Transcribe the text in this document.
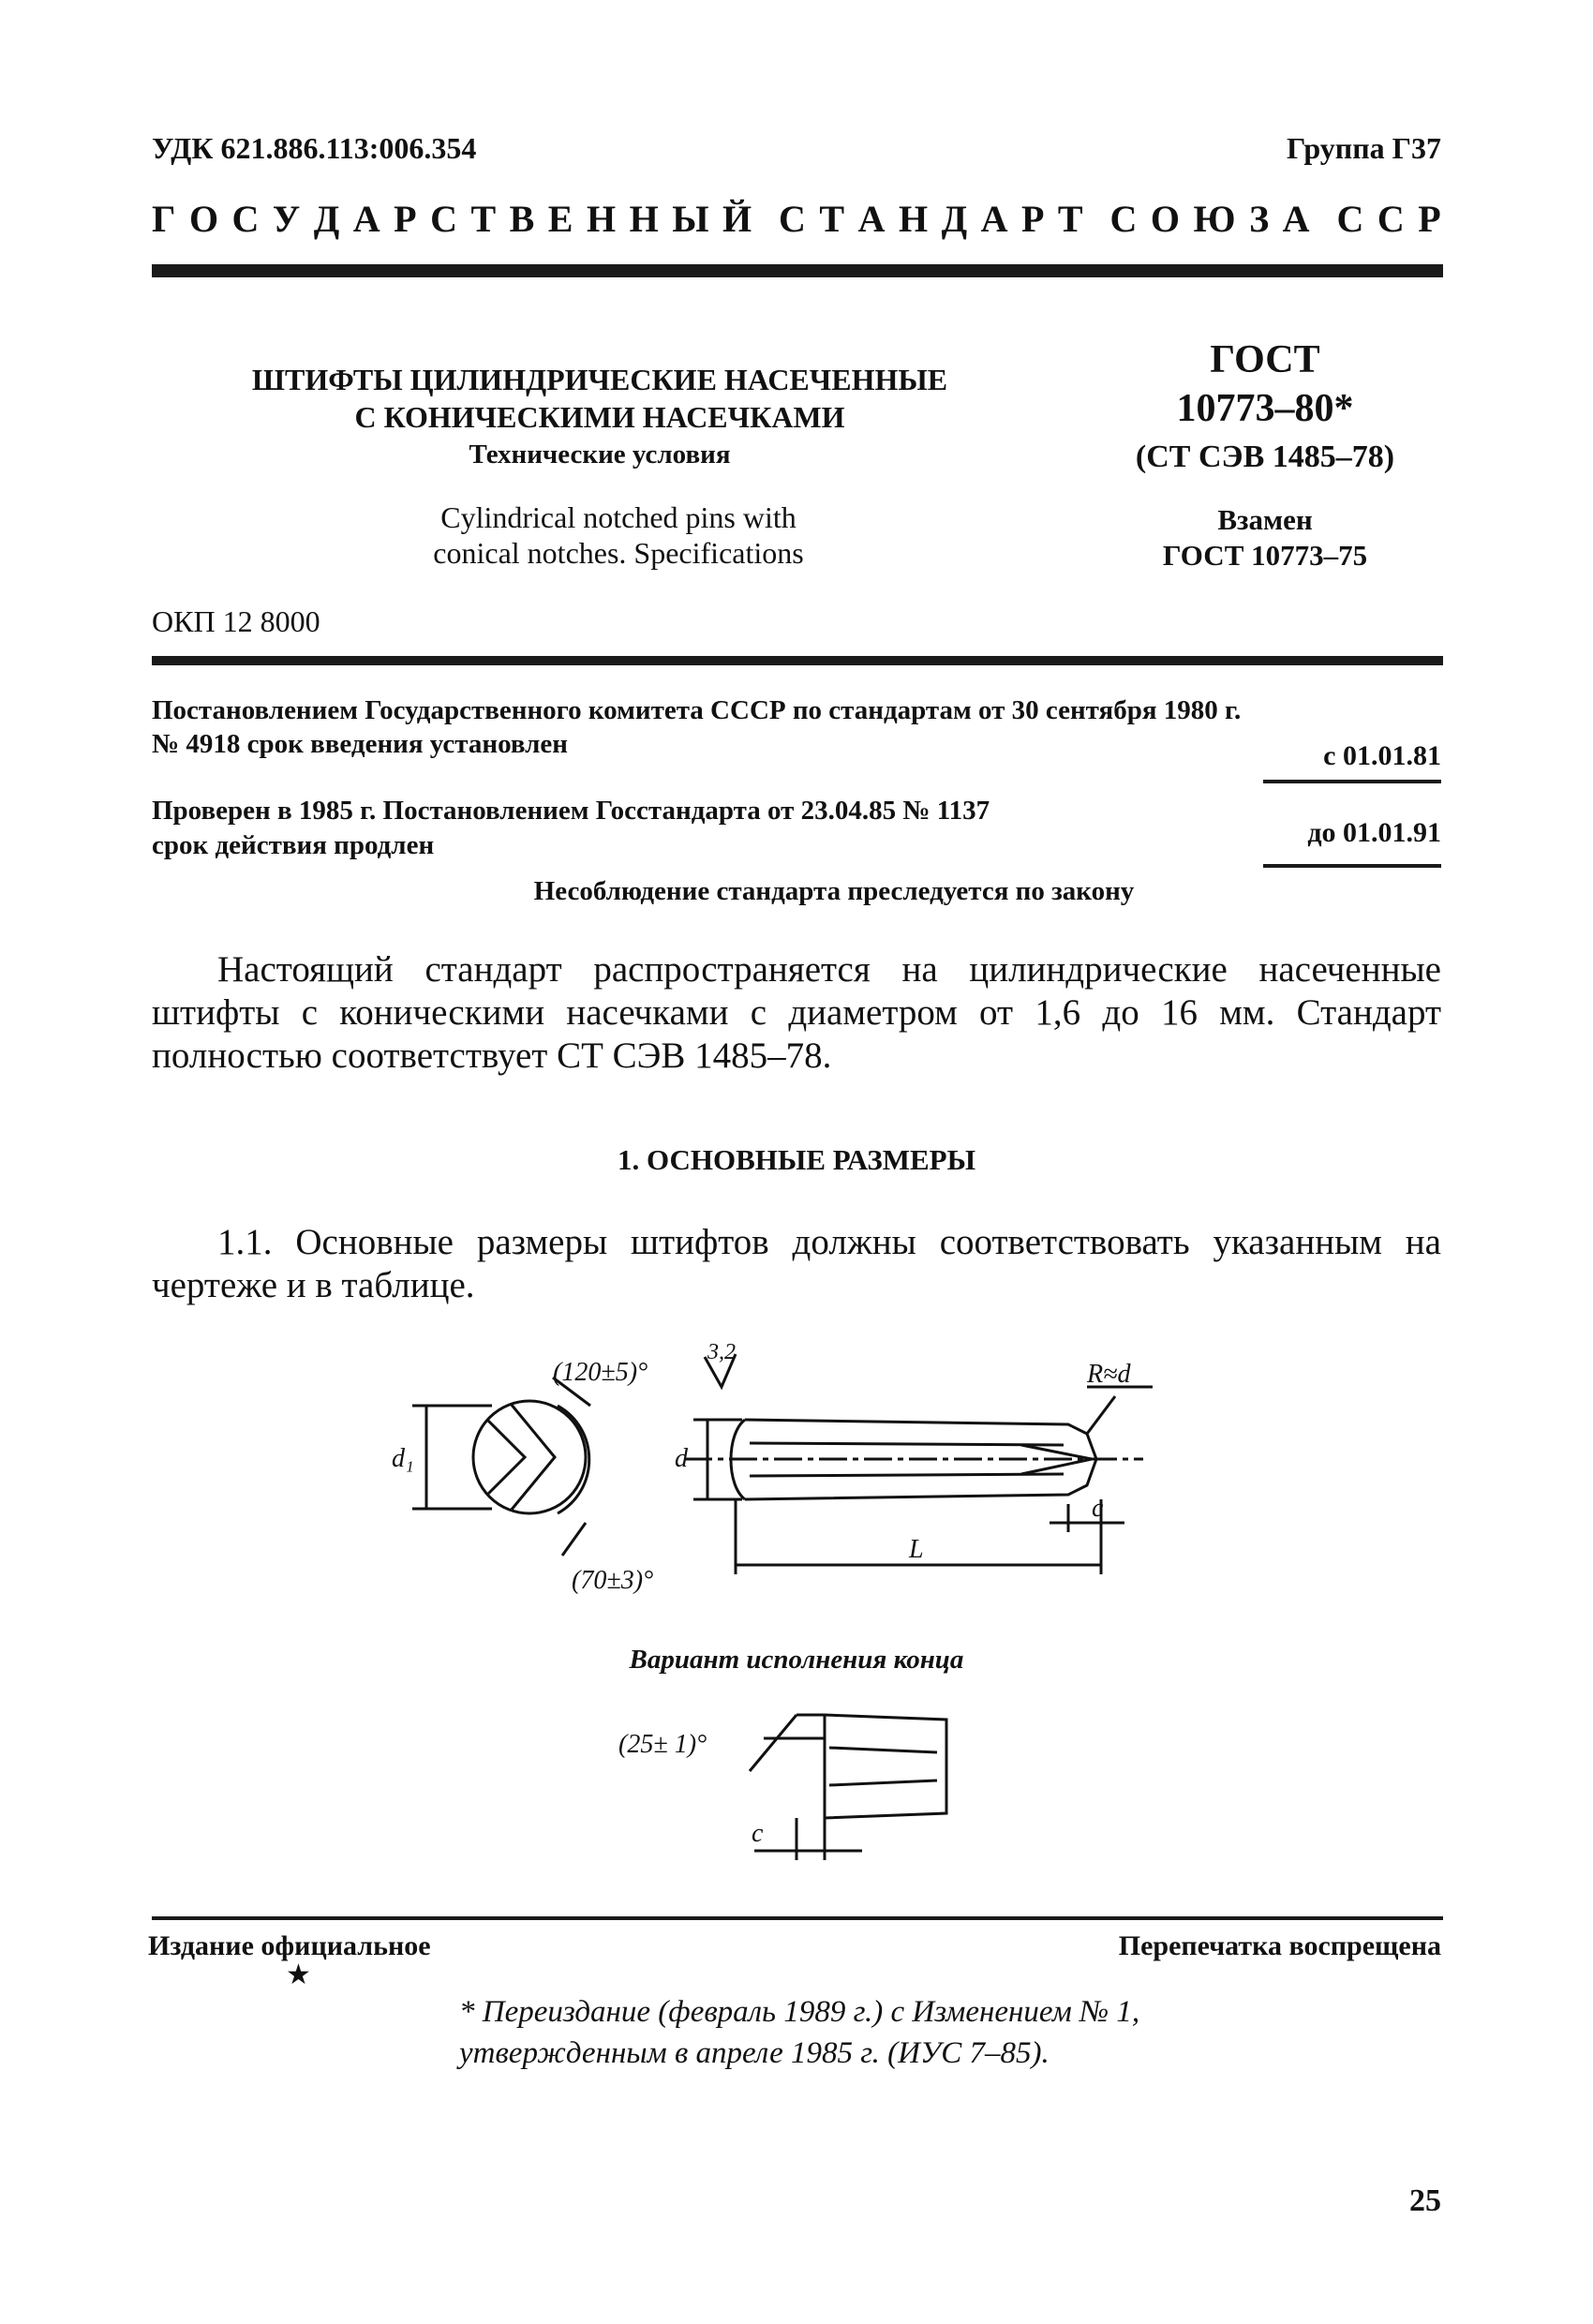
УДК 621.886.113:006.354	Группа Г37
Г О С У Д А Р С Т В Е Н Н Ы Й С Т А Н Д А Р Т С О Ю З А С С Р
ШТИФТЫ ЦИЛИНДРИЧЕСКИЕ НАСЕЧЕННЫЕ
С КОНИЧЕСКИМИ НАСЕЧКАМИ
Технические условия
Cylindrical notched pins with
conical notches. Specifications
ГОСТ
10773–80*
(СТ СЭВ 1485–78)
Взамен
ГОСТ 10773–75
ОКП 12 8000
Постановлением Государственного комитета СССР по стандартам от 30 сентября 1980 г.
№ 4918 срок введения установлен	с 01.01.81
Проверен в 1985 г. Постановлением Госстандарта от 23.04.85 № 1137
срок действия продлен	до 01.01.91
Несоблюдение стандарта преследуется по закону
Настоящий стандарт распространяется на цилиндрические насеченные штифты с коническими насечками с диаметром от 1,6 до 16 мм. Стандарт полностью соответствует СТ СЭВ 1485–78.
1. ОСНОВНЫЕ РАЗМЕРЫ
1.1. Основные размеры штифтов должны соответствовать указанным на чертеже и в таблице.
(120±5)°
(70±3)°
3,2
R≈d
d₁	d
L
c
Вариант исполнения конца
(25± 1)°
c
Издание официальное	Перепечатка воспрещена
★
* Переиздание (февраль 1989 г.) с Изменением № 1,
утвержденным в апреле 1985 г. (ИУС 7–85).
25
